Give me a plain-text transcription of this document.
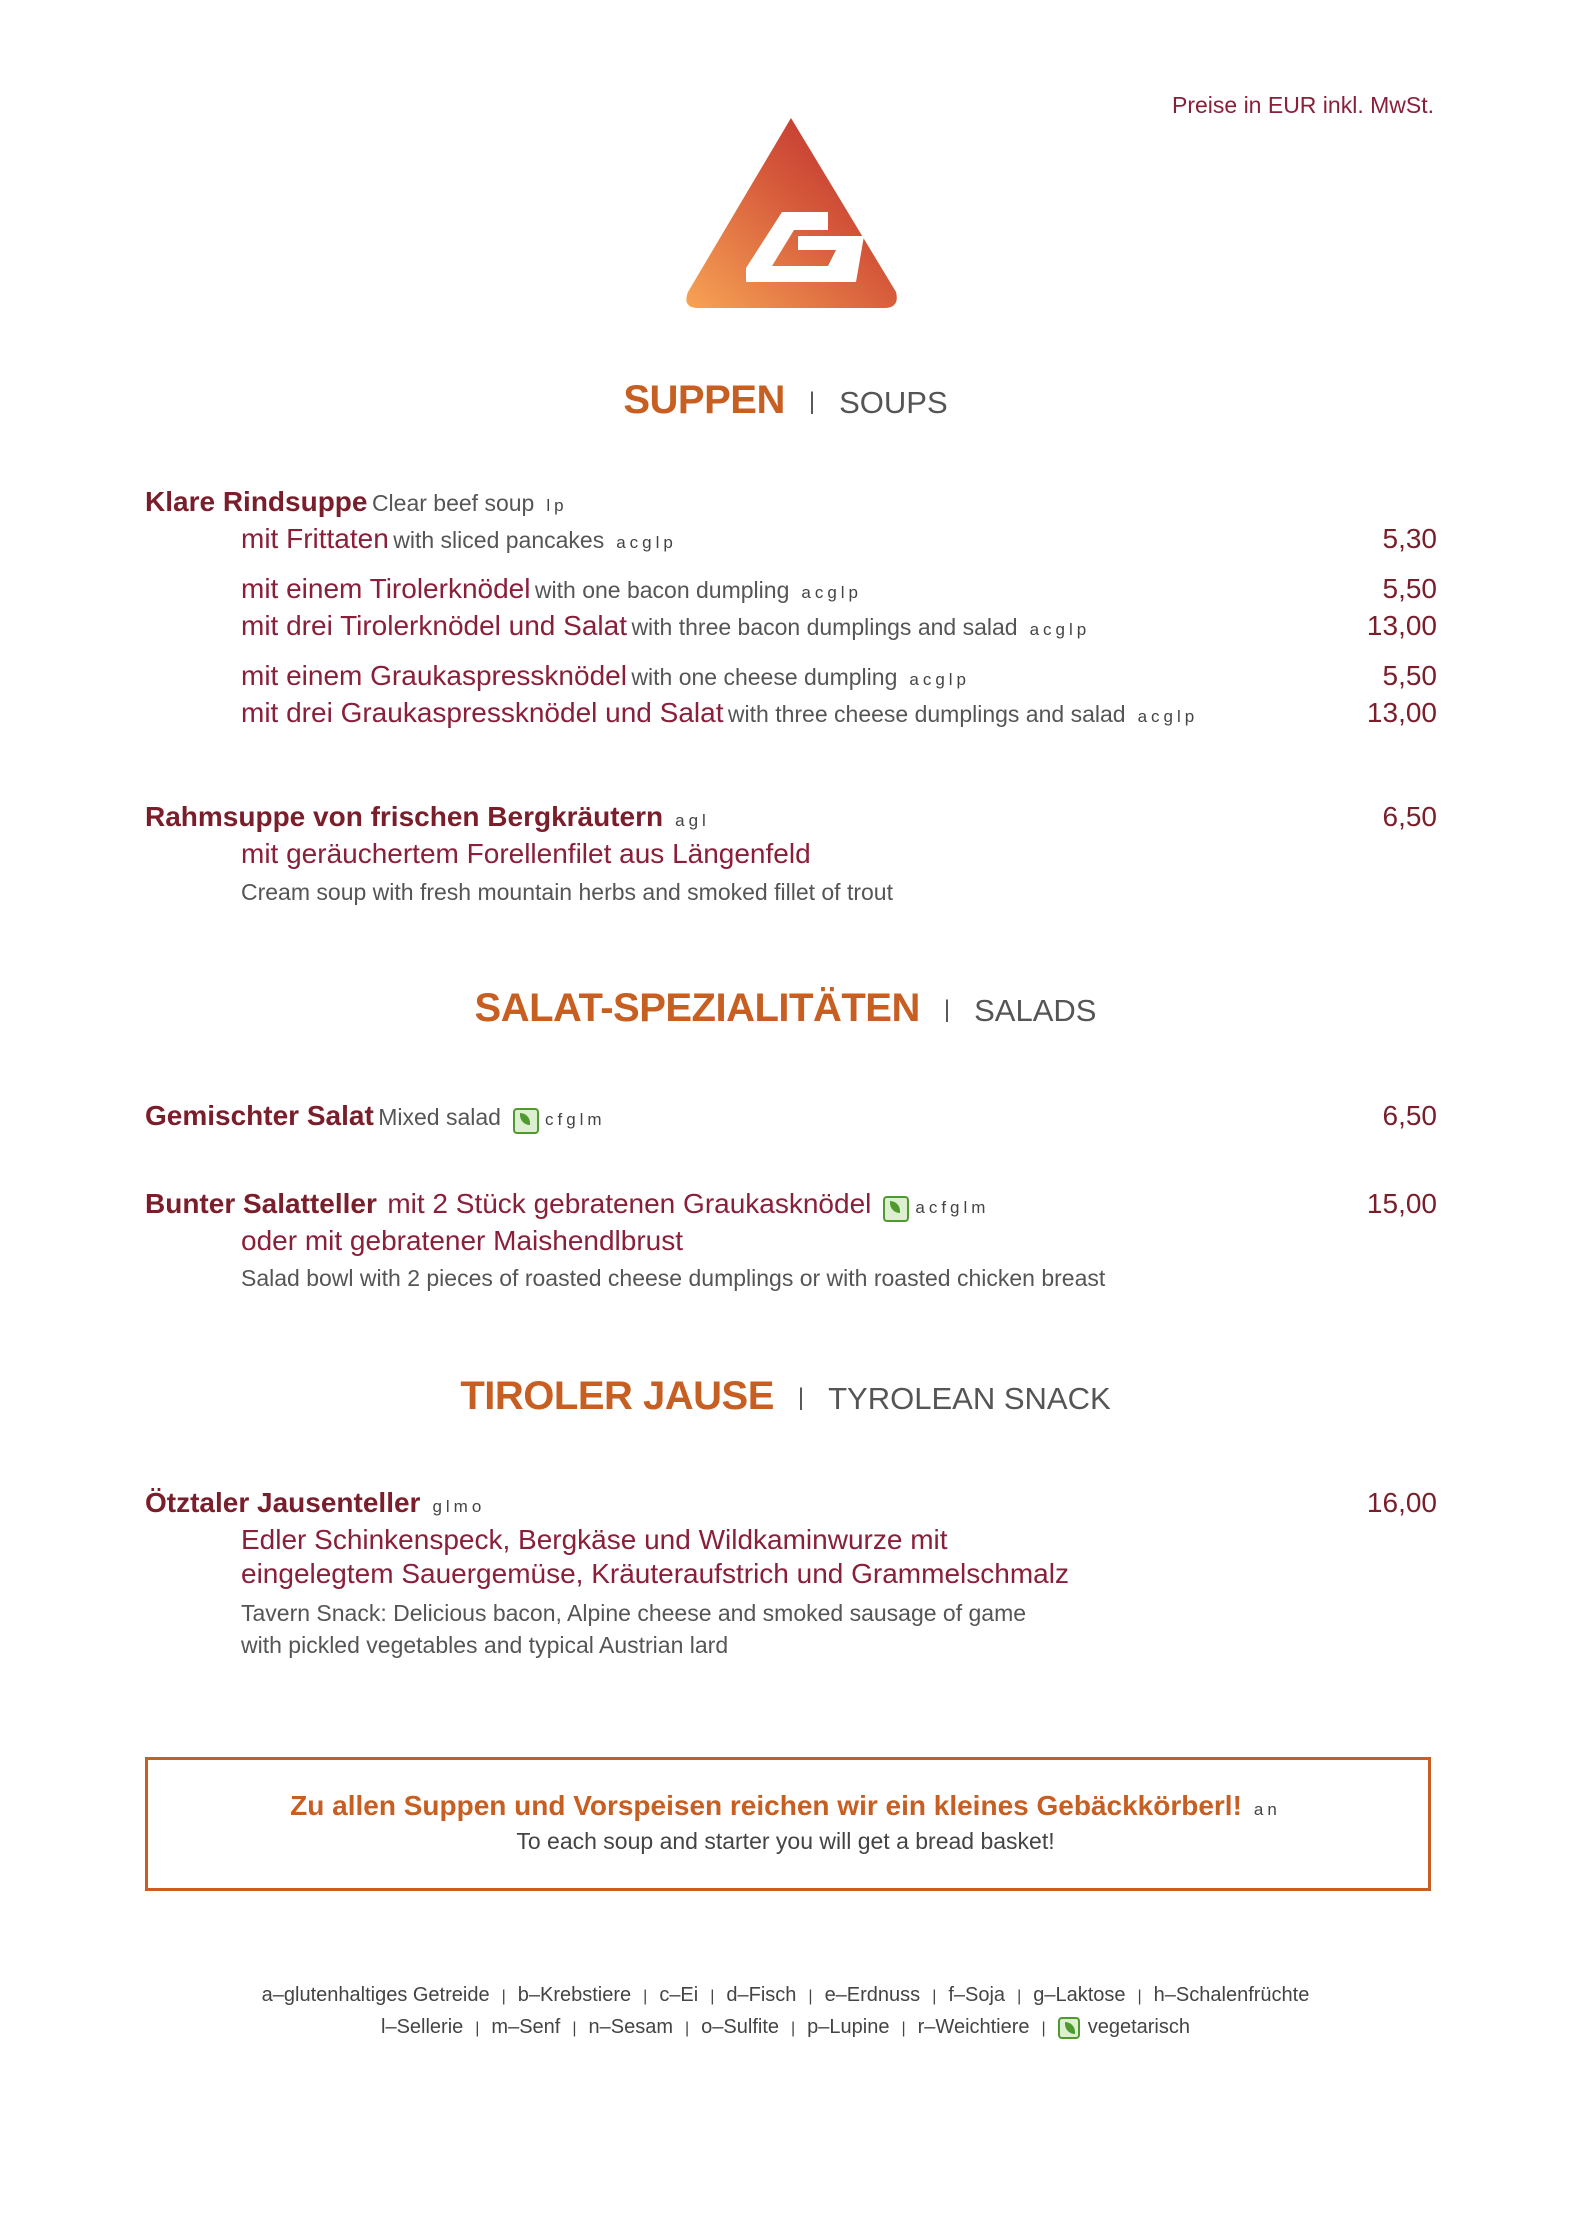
Preise in EUR inkl. MwSt.
SUPPEN | SOUPS
Klare Rindsuppe Clear beef soup lp
mit Frittaten with sliced pancakes acglp	5,30
mit einem Tirolerknödel with one bacon dumpling acglp	5,50
mit drei Tirolerknödel und Salat with three bacon dumplings and salad acglp	13,00
mit einem Graukaspressknödel with one cheese dumpling acglp	5,50
mit drei Graukaspressknödel und Salat with three cheese dumplings and salad acglp	13,00
Rahmsuppe von frischen Bergkräutern agl	6,50
mit geräuchertem Forellenfilet aus Längenfeld
Cream soup with fresh mountain herbs and smoked fillet of trout
SALAT-SPEZIALITÄTEN | SALADS
Gemischter Salat Mixed salad	cfglm	6,50
Bunter Salatteller mit 2 Stück gebratenen Graukasknödel	acfglm	15,00
oder mit gebratener Maishendlbrust
Salad bowl with 2 pieces of roasted cheese dumplings or with roasted chicken breast
TIROLER JAUSE | TYROLEAN SNACK
Ötztaler Jausenteller glmo	16,00
Edler Schinkenspeck, Bergkäse und Wildkaminwurze mit
eingelegtem Sauergemüse, Kräuteraufstrich und Grammelschmalz
Tavern Snack: Delicious bacon, Alpine cheese and smoked sausage of game
with pickled vegetables and typical Austrian lard
Zu allen Suppen und Vorspeisen reichen wir ein kleines Gebäckkörberl! an
To each soup and starter you will get a bread basket!
a–glutenhaltiges Getreide | b–Krebstiere | c–Ei | d–Fisch | e–Erdnuss | f–Soja | g–Laktose | h–Schalenfrüchte
l–Sellerie | m–Senf | n–Sesam | o–Sulfite | p–Lupine | r–Weichtiere | vegetarisch
